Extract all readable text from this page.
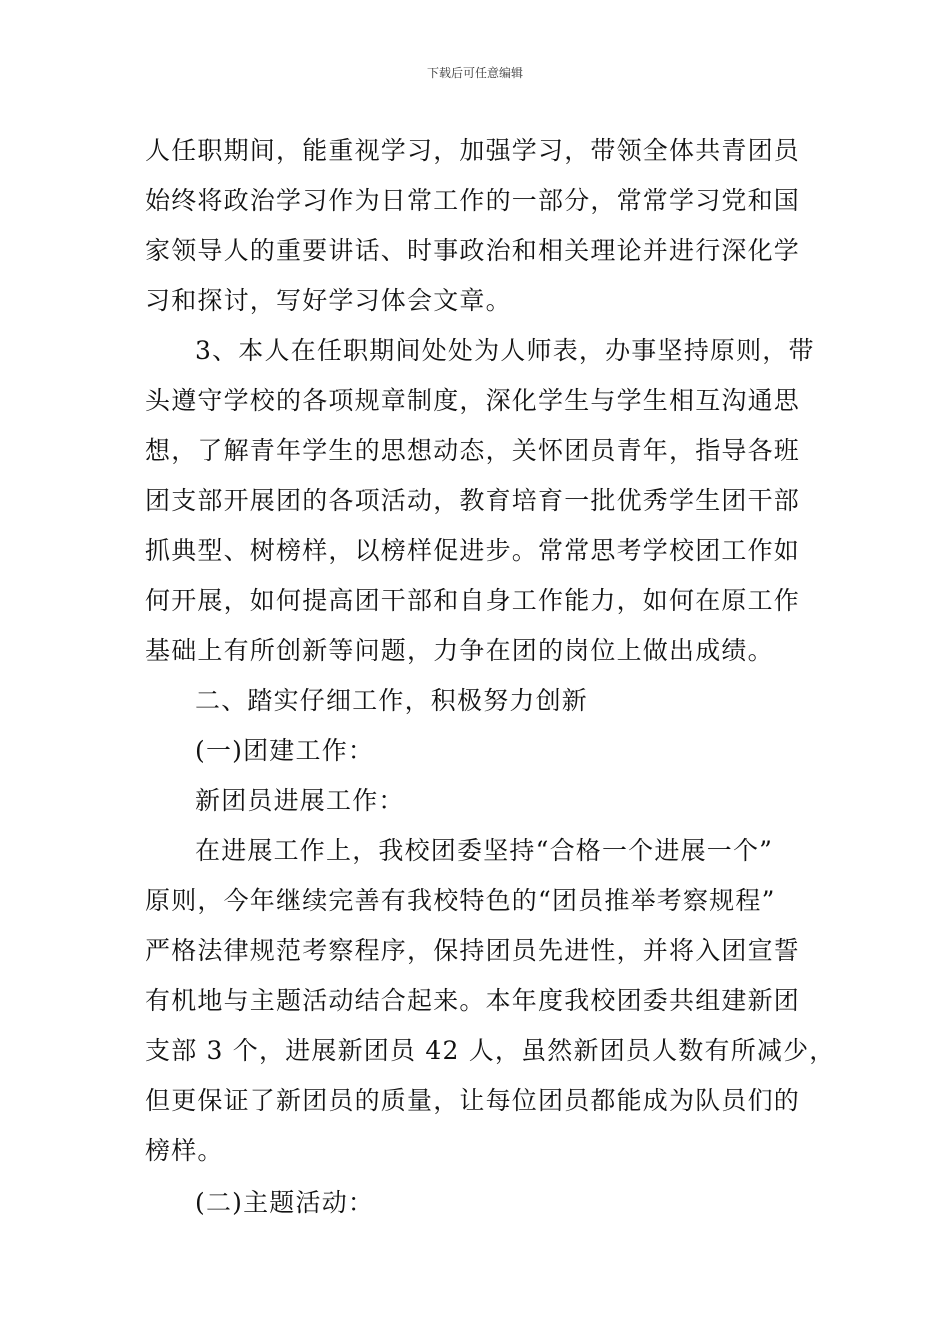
下载后可任意编辑
人任职期间，能重视学习，加强学习，带领全体共青团员
始终将政治学习作为日常工作的一部分，常常学习党和国
家领导人的重要讲话、时事政治和相关理论并进行深化学
习和探讨，写好学习体会文章。
3、本人在任职期间处处为人师表，办事坚持原则，带
头遵守学校的各项规章制度，深化学生与学生相互沟通思
想，了解青年学生的思想动态，关怀团员青年，指导各班
团支部开展团的各项活动，教育培育一批优秀学生团干部
抓典型、树榜样，以榜样促进步。常常思考学校团工作如
何开展，如何提高团干部和自身工作能力，如何在原工作
基础上有所创新等问题，力争在团的岗位上做出成绩。
二、踏实仔细工作，积极努力创新
(一)团建工作：
新团员进展工作：
在进展工作上，我校团委坚持“合格一个进展一个”
原则，今年继续完善有我校特色的“团员推举考察规程”
严格法律规范考察程序，保持团员先进性，并将入团宣誓
有机地与主题活动结合起来。本年度我校团委共组建新团
支部 3 个，进展新团员 42 人，虽然新团员人数有所减少，
但更保证了新团员的质量，让每位团员都能成为队员们的
榜样。
(二)主题活动：
